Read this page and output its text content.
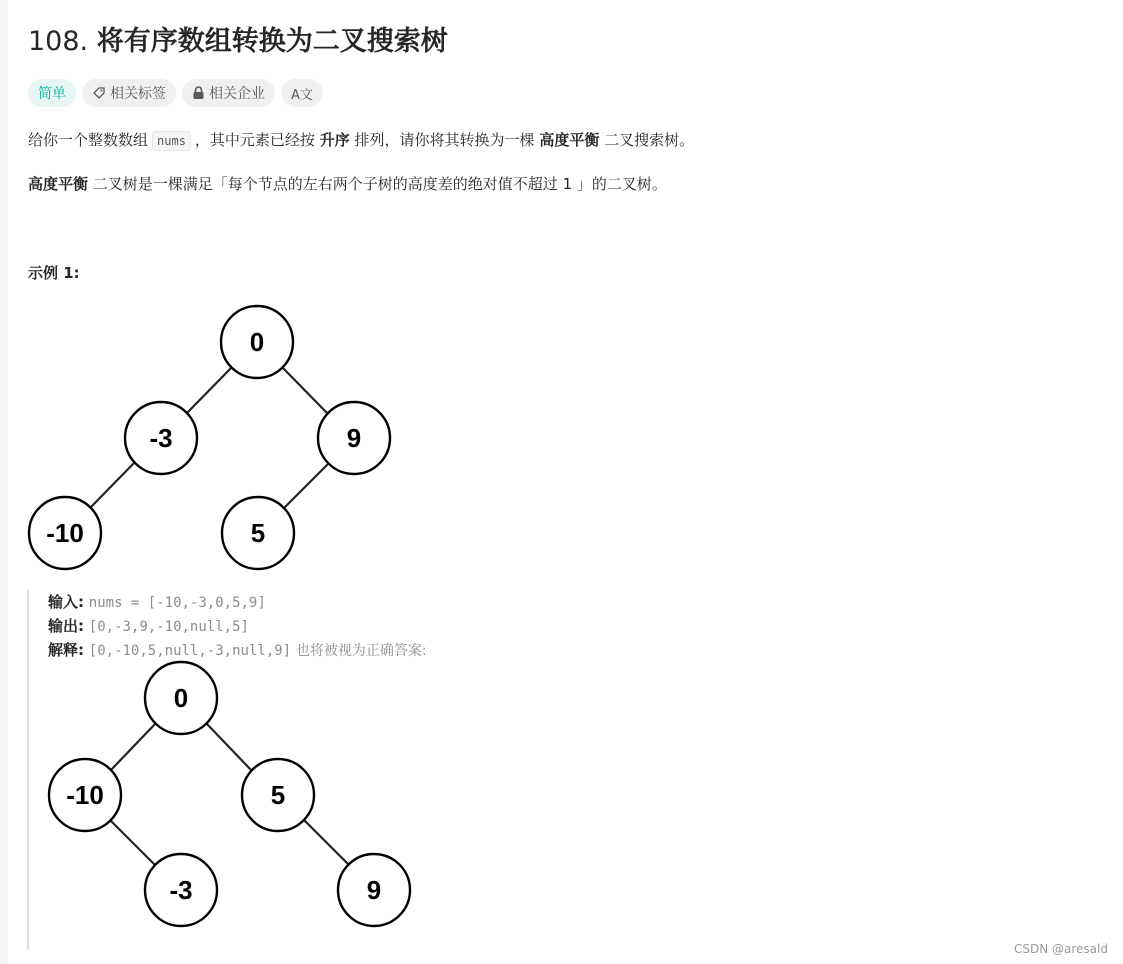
108. 将有序数组转换为二叉搜索树
简单	相关标签	相关企业 A文
给你一个整数数组 nums ，其中元素已经按 升序 排列，请你将其转换为一棵 高度平衡 二叉搜索树。
高度平衡 二叉树是一棵满足「每个节点的左右两个子树的高度差的绝对值不超过 1 」的二叉树。
示例 1:
0
-3	9
-10	5
输入: nums = [-10,-3,0,5,9]
输出: [0,-3,9,-10,null,5]
解释: [0,-10,5,null,-3,null,9] 也将被视为正确答案:
0
-10	5
-3	9
CSDN @aresald
